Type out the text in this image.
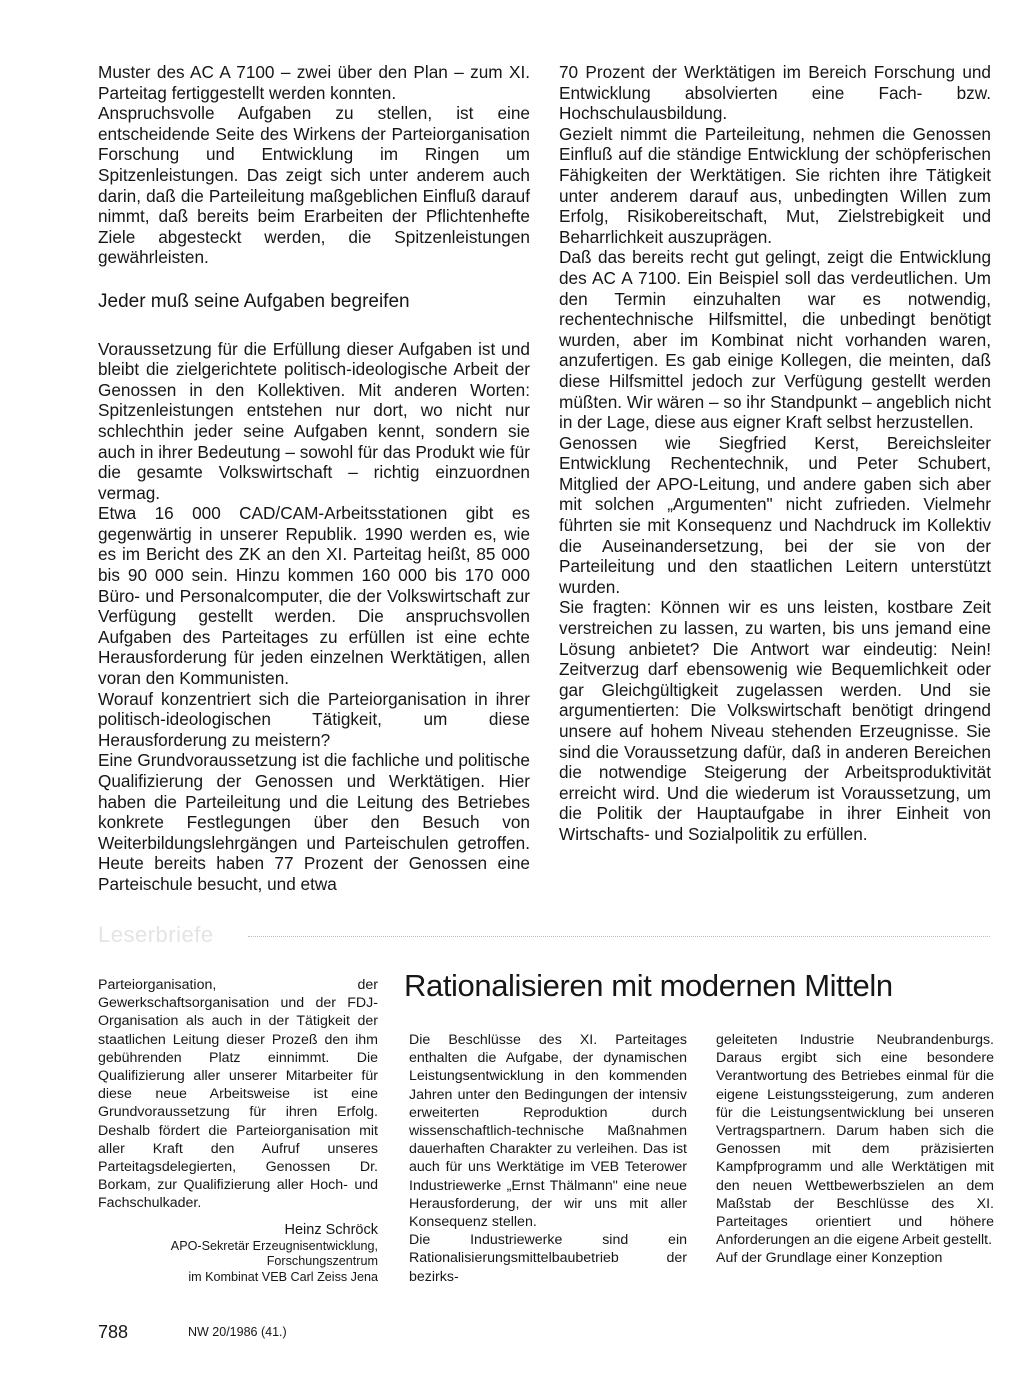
Muster des AC A 7100 – zwei über den Plan – zum XI. Parteitag fertiggestellt werden konnten.

Anspruchsvolle Aufgaben zu stellen, ist eine entscheidende Seite des Wirkens der Parteiorganisation Forschung und Entwicklung im Ringen um Spitzenleistungen. Das zeigt sich unter anderem auch darin, daß die Parteileitung maßgeblichen Einfluß darauf nimmt, daß bereits beim Erarbeiten der Pflichtenhefte Ziele abgesteckt werden, die Spitzenleistungen gewährleisten.

Jeder muß seine Aufgaben begreifen

Voraussetzung für die Erfüllung dieser Aufgaben ist und bleibt die zielgerichtete politisch-ideologische Arbeit der Genossen in den Kollektiven. Mit anderen Worten: Spitzenleistungen entstehen nur dort, wo nicht nur schlechthin jeder seine Aufgaben kennt, sondern sie auch in ihrer Bedeutung – sowohl für das Produkt wie für die gesamte Volkswirtschaft – richtig einzuordnen vermag.

Etwa 16 000 CAD/CAM-Arbeitsstationen gibt es gegenwärtig in unserer Republik. 1990 werden es, wie es im Bericht des ZK an den XI. Parteitag heißt, 85 000 bis 90 000 sein. Hinzu kommen 160 000 bis 170 000 Büro- und Personalcomputer, die der Volkswirtschaft zur Verfügung gestellt werden. Die anspruchsvollen Aufgaben des Parteitages zu erfüllen ist eine echte Herausforderung für jeden einzelnen Werktätigen, allen voran den Kommunisten.

Worauf konzentriert sich die Parteiorganisation in ihrer politisch-ideologischen Tätigkeit, um diese Herausforderung zu meistern?

Eine Grundvoraussetzung ist die fachliche und politische Qualifizierung der Genossen und Werktätigen. Hier haben die Parteileitung und die Leitung des Betriebes konkrete Festlegungen über den Besuch von Weiterbildungslehrgängen und Parteischulen getroffen. Heute bereits haben 77 Prozent der Genossen eine Parteischule besucht, und etwa

70 Prozent der Werktätigen im Bereich Forschung und Entwicklung absolvierten eine Fach- bzw. Hochschulausbildung.

Gezielt nimmt die Parteileitung, nehmen die Genossen Einfluß auf die ständige Entwicklung der schöpferischen Fähigkeiten der Werktätigen. Sie richten ihre Tätigkeit unter anderem darauf aus, unbedingten Willen zum Erfolg, Risikobereitschaft, Mut, Zielstrebigkeit und Beharrlichkeit auszuprägen.

Daß das bereits recht gut gelingt, zeigt die Entwicklung des AC A 7100. Ein Beispiel soll das verdeutlichen. Um den Termin einzuhalten war es notwendig, rechentechnische Hilfsmittel, die unbedingt benötigt wurden, aber im Kombinat nicht vorhanden waren, anzufertigen. Es gab einige Kollegen, die meinten, daß diese Hilfsmittel jedoch zur Verfügung gestellt werden müßten. Wir wären – so ihr Standpunkt – angeblich nicht in der Lage, diese aus eigner Kraft selbst herzustellen.

Genossen wie Siegfried Kerst, Bereichsleiter Entwicklung Rechentechnik, und Peter Schubert, Mitglied der APO-Leitung, und andere gaben sich aber mit solchen „Argumenten" nicht zufrieden. Vielmehr führten sie mit Konsequenz und Nachdruck im Kollektiv die Auseinandersetzung, bei der sie von der Parteileitung und den staatlichen Leitern unterstützt wurden.

Sie fragten: Können wir es uns leisten, kostbare Zeit verstreichen zu lassen, zu warten, bis uns jemand eine Lösung anbietet? Die Antwort war eindeutig: Nein! Zeitverzug darf ebensowenig wie Bequemlichkeit oder gar Gleichgültigkeit zugelassen werden. Und sie argumentierten: Die Volkswirtschaft benötigt dringend unsere auf hohem Niveau stehenden Erzeugnisse. Sie sind die Voraussetzung dafür, daß in anderen Bereichen die notwendige Steigerung der Arbeitsproduktivität erreicht wird. Und die wiederum ist Voraussetzung, um die Politik der Hauptaufgabe in ihrer Einheit von Wirtschafts- und Sozialpolitik zu erfüllen.

Leserbriefe

Parteiorganisation, der Gewerkschaftsorganisation und der FDJ-Organisation als auch in der Tätigkeit der staatlichen Leitung dieser Prozeß den ihm gebührenden Platz einnimmt. Die Qualifizierung aller unserer Mitarbeiter für diese neue Arbeitsweise ist eine Grundvoraussetzung für ihren Erfolg. Deshalb fördert die Parteiorganisation mit aller Kraft den Aufruf unseres Parteitagsdelegierten, Genossen Dr. Borkam, zur Qualifizierung aller Hoch- und Fachschulkader.

Heinz Schröck

APO-Sekretär Erzeugnisentwicklung,

Forschungszentrum

im Kombinat VEB Carl Zeiss Jena

Rationalisieren mit modernen Mitteln

Die Beschlüsse des XI. Parteitages enthalten die Aufgabe, der dynamischen Leistungsentwicklung in den kommenden Jahren unter den Bedingungen der intensiv erweiterten Reproduktion durch wissenschaftlich-technische Maßnahmen dauerhaften Charakter zu verleihen. Das ist auch für uns Werktätige im VEB Teterower Industriewerke „Ernst Thälmann" eine neue Herausforderung, der wir uns mit aller Konsequenz stellen.

Die Industriewerke sind ein Rationalisierungsmittelbaubetrieb der bezirks-

geleiteten Industrie Neubrandenburgs. Daraus ergibt sich eine besondere Verantwortung des Betriebes einmal für die eigene Leistungssteigerung, zum anderen für die Leistungsentwicklung bei unseren Vertragspartnern. Darum haben sich die Genossen mit dem präzisierten Kampfprogramm und alle Werktätigen mit den neuen Wettbewerbszielen an dem Maßstab der Beschlüsse des XI. Parteitages orientiert und höhere Anforderungen an die eigene Arbeit gestellt.

Auf der Grundlage einer Konzeption

788	NW 20/1986 (41.)
